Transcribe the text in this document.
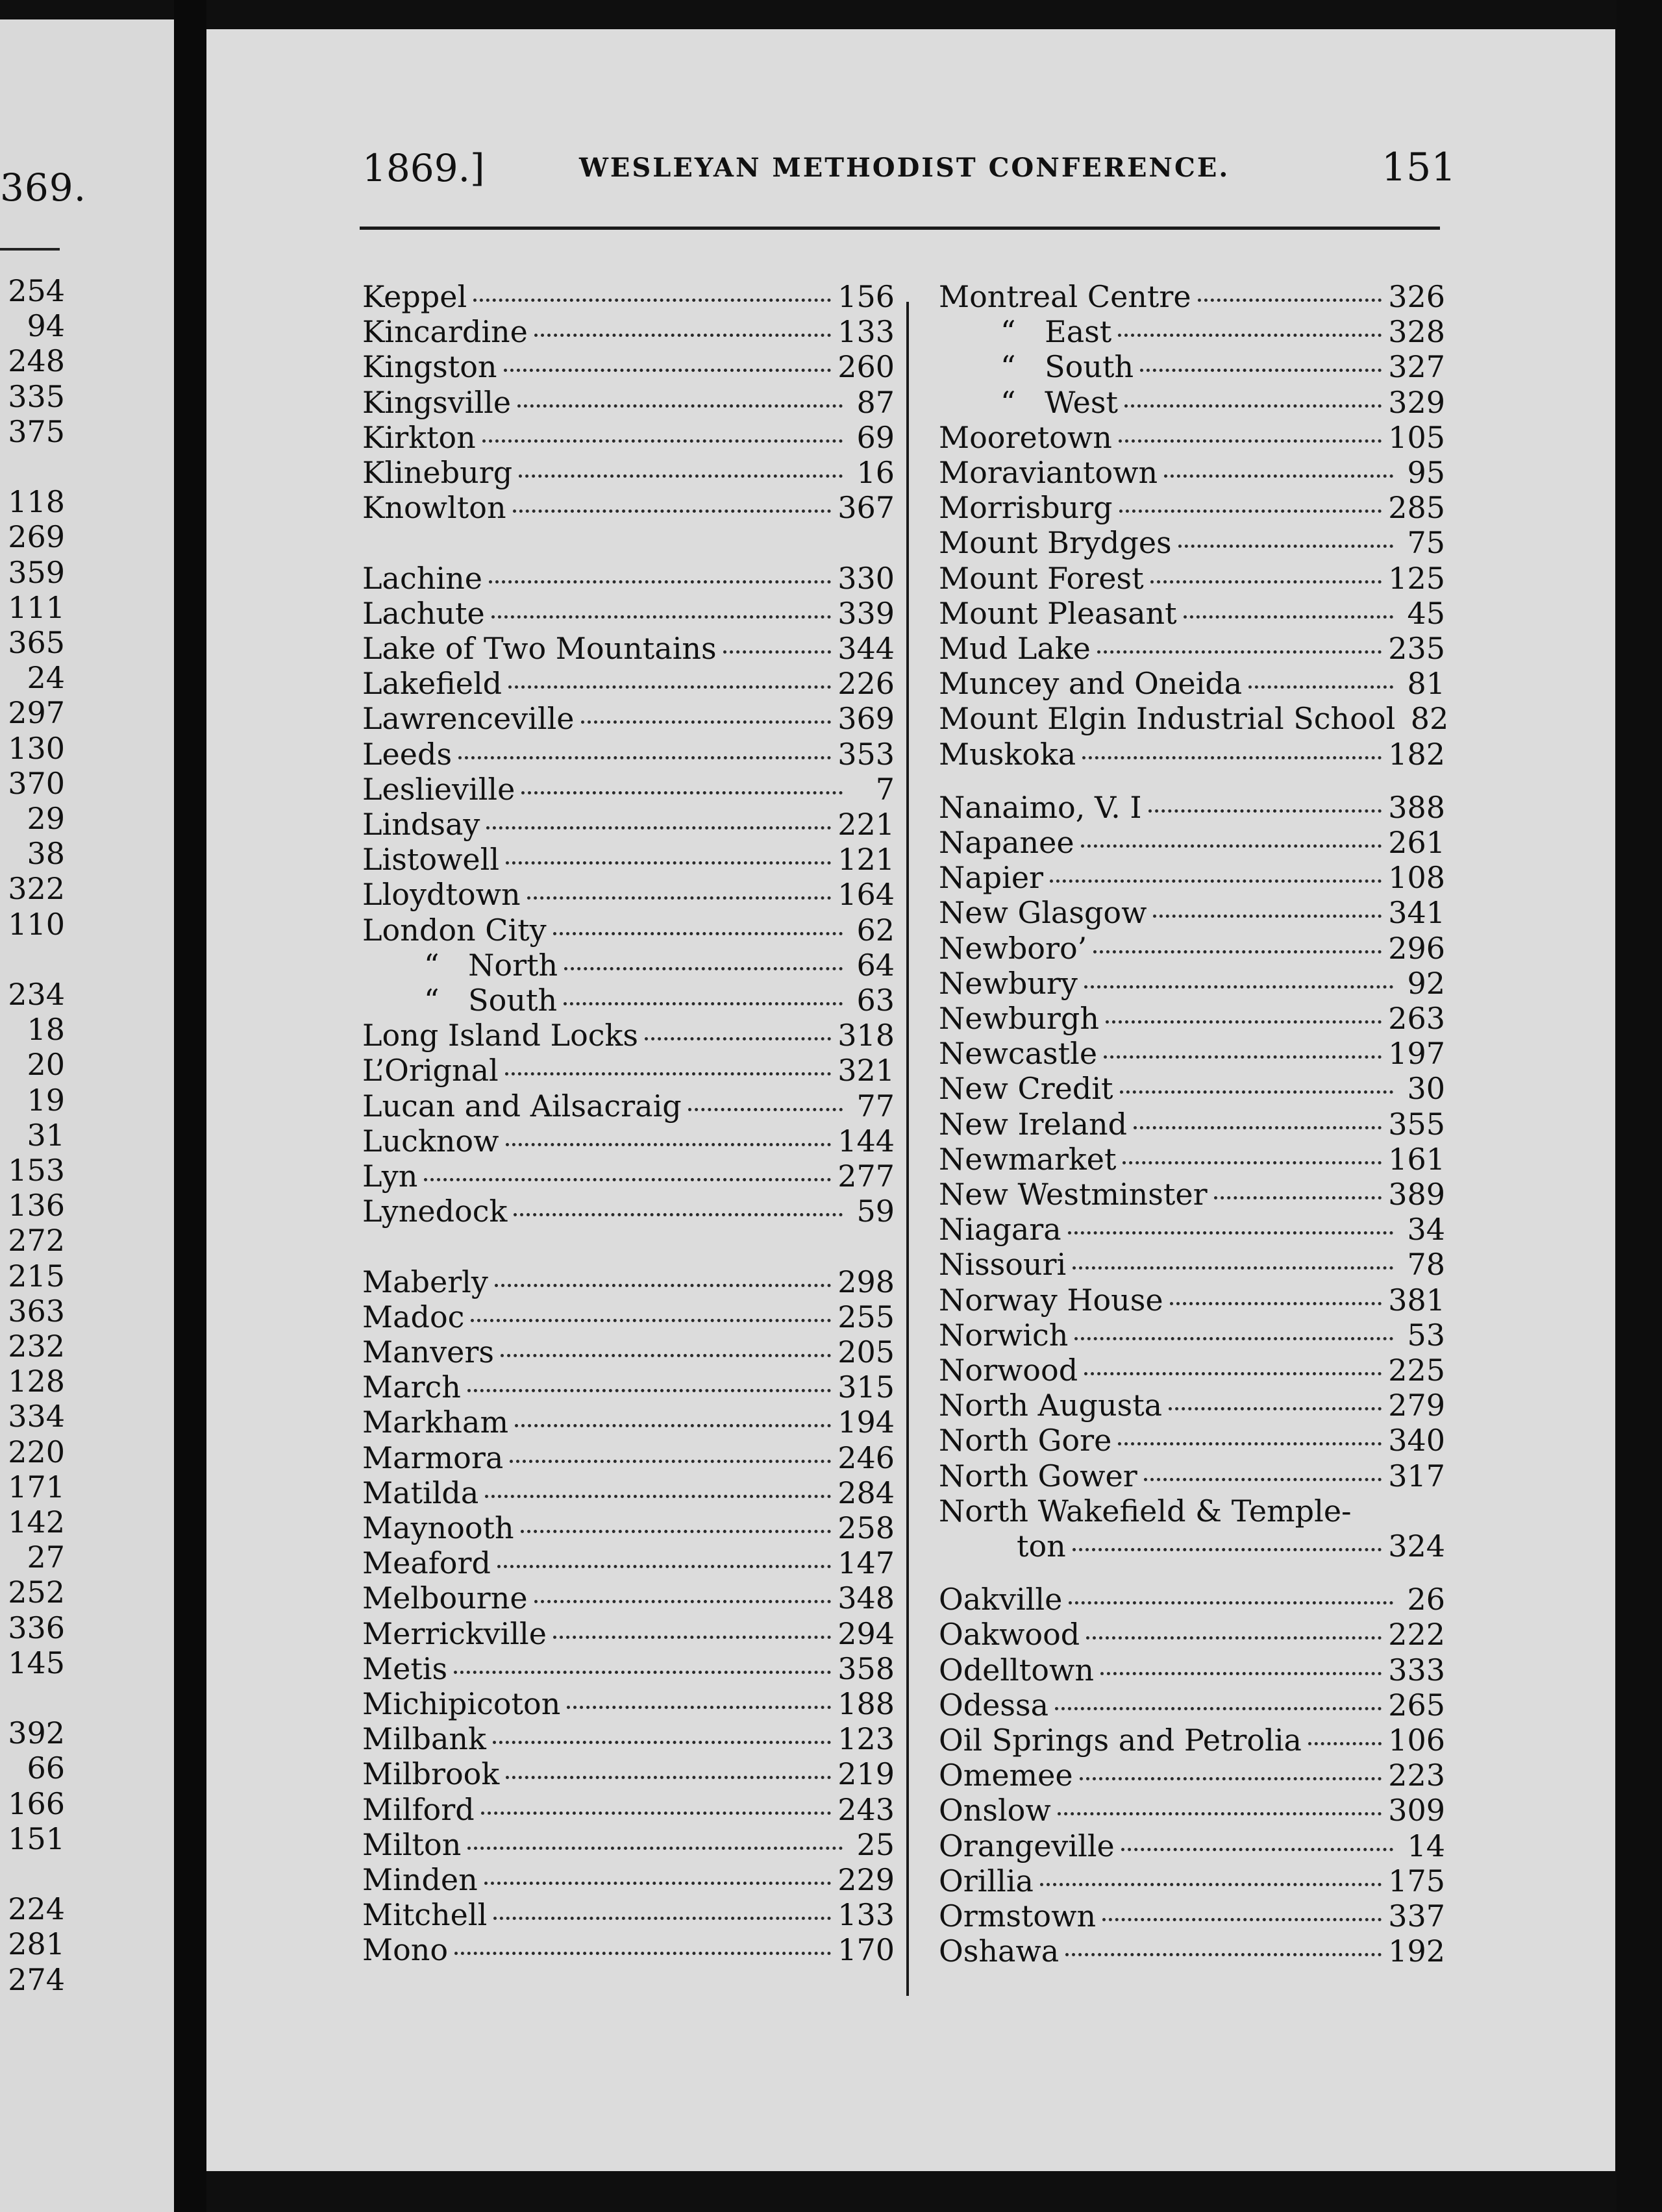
369.
254
94
248
335
375
118
269
359
111
365
24
297
130
370
29
38
322
110
234
18
20
19
31
153
136
272
215
363
232
128
334
220
171
142
27
252
336
145
392
66
166
151
224
281
274
1869.]	WESLEYAN METHODIST CONFERENCE.	151
Keppel	156
Kincardine	133
Kingston	260
Kingsville	87
Kirkton	69
Klineburg	16
Knowlton	367
Lachine	330
Lachute	339
Lake of Two Mountains	344
Lakefield	226
Lawrenceville	369
Leeds	353
Leslieville	7
Lindsay	221
Listowell	121
Lloydtown	164
London City	62
“ North	64
“ South	63
Long Island Locks	318
L’Orignal	321
Lucan and Ailsacraig	77
Lucknow	144
Lyn	277
Lynedock	59
Maberly	298
Madoc	255
Manvers	205
March	315
Markham	194
Marmora	246
Matilda	284
Maynooth	258
Meaford	147
Melbourne	348
Merrickville	294
Metis	358
Michipicoton	188
Milbank	123
Milbrook	219
Milford	243
Milton	25
Minden	229
Mitchell	133
Mono	170
Montreal Centre	326
“ East	328
“ South	327
“ West	329
Mooretown	105
Moraviantown	95
Morrisburg	285
Mount Brydges	75
Mount Forest	125
Mount Pleasant	45
Mud Lake	235
Muncey and Oneida	81
Mount Elgin Industrial School 82
Muskoka	182
Nanaimo, V. I	388
Napanee	261
Napier	108
New Glasgow	341
Newboro’	296
Newbury	92
Newburgh	263
Newcastle	197
New Credit	30
New Ireland	355
Newmarket	161
New Westminster	389
Niagara	34
Nissouri	78
Norway House	381
Norwich	53
Norwood	225
North Augusta	279
North Gore	340
North Gower	317
North Wakefield & Temple-
ton	324
Oakville	26
Oakwood	222
Odelltown	333
Odessa	265
Oil Springs and Petrolia	106
Omemee	223
Onslow	309
Orangeville	14
Orillia	175
Ormstown	337
Oshawa	192
